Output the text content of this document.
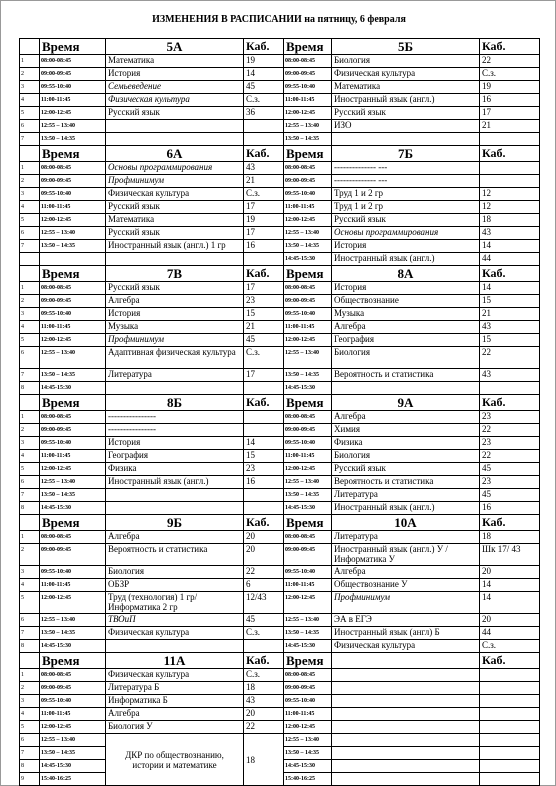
ИЗМЕНЕНИЯ В РАСПИСАНИИ на пятницу, 6 февраля
	Время	5А	Каб.	Время	5Б	Каб.
1	08:00-08:45	Математика	19	08:00-08:45	Биология	22
2	09:00-09:45	История	14	09:00-09:45	Физическая культура	С.з.
3	09:55-10:40	Семьеведение	45	09:55-10:40	Математика	19
4	11:00-11:45	Физическая культура	С.з.	11:00-11:45	Иностранный язык (англ.)	16
5	12:00-12:45	Русский язык	36	12:00-12:45	Русский язык	17
6	12:55 – 13:40			12:55 – 13:40	ИЗО	21
7	13:50 – 14:35			13:50 – 14:35		
	Время	6А	Каб.	Время	7Б	Каб.
1	08:00-08:45	Основы программирования	43	08:00-08:45	-------------- ---	
2	09:00-09:45	Профминимум	21	09:00-09:45	-------------- ---	
3	09:55-10:40	Физическая культура	С.з.	09:55-10:40	Труд 1 и 2 гр	12
4	11:00-11:45	Русский язык	17	11:00-11:45	Труд 1 и 2 гр	12
5	12:00-12:45	Математика	19	12:00-12:45	Русский язык	18
6	12:55 – 13:40	Русский язык	17	12:55 – 13:40	Основы программирования	43
7	13:50 – 14:35	Иностранный язык (англ.) 1 гр	16	13:50 – 14:35	История	14
				14:45-15:30	Иностранный язык (англ.)	44
	Время	7В	Каб.	Время	8А	Каб.
1	08:00-08:45	Русский язык	17	08:00-08:45	История	14
2	09:00-09:45	Алгебра	23	09:00-09:45	Обществознание	15
3	09:55-10:40	История	15	09:55-10:40	Музыка	21
4	11:00-11:45	Музыка	21	11:00-11:45	Алгебра	43
5	12:00-12:45	Профминимум	45	12:00-12:45	География	15
6	12:55 – 13:40	Адаптивная физическая культура	С.з.	12:55 – 13:40	Биология	22
7	13:50 – 14:35	Литература	17	13:50 – 14:35	Вероятность и статистика	43
8	14:45-15:30			14:45-15:30		
	Время	8Б	Каб.	Время	9А	Каб.
1	08:00-08:45	----------------		08:00-08:45	Алгебра	23
2	09:00-09:45	----------------		09:00-09:45	Химия	22
3	09:55-10:40	История	14	09:55-10:40	Физика	23
4	11:00-11:45	География	15	11:00-11:45	Биология	22
5	12:00-12:45	Физика	23	12:00-12:45	Русский язык	45
6	12:55 – 13:40	Иностранный язык (англ.)	16	12:55 – 13:40	Вероятность и статистика	23
7	13:50 – 14:35			13:50 – 14:35	Литература	45
8	14:45-15:30			14:45-15:30	Иностранный язык (англ.)	16
	Время	9Б	Каб.	Время	10А	Каб.
1	08:00-08:45	Алгебра	20	08:00-08:45	Литература	18
2	09:00-09:45	Вероятность и статистика	20	09:00-09:45	Иностранный язык (англ.) У / Информатика У	Шк 17/ 43
3	09:55-10:40	Биология	22	09:55-10:40	Алгебра	20
4	11:00-11:45	ОБЗР	6	11:00-11:45	Обществознание У	14
5	12:00-12:45	Труд (технология) 1 гр/ Информатика 2 гр	12/43	12:00-12:45	Профминимум	14
6	12:55 – 13:40	ТВОиП	45	12:55 – 13:40	ЭА в ЕГЭ	20
7	13:50 – 14:35	Физическая культура	С.з.	13:50 – 14:35	Иностранный язык (англ) Б	44
8	14:45-15:30			14:45-15:30	Физическая культура	С.з.
	Время	11А	Каб.	Время		Каб.
1	08:00-08:45	Физическая культура	С.з.	08:00-08:45		
2	09:00-09:45	Литература Б	18	09:00-09:45		
3	09:55-10:40	Информатика Б	43	09:55-10:40		
4	11:00-11:45	Алгебра	20	11:00-11:45		
5	12:00-12:45	Биология У	22	12:00-12:45		
6	12:55 – 13:40	ДКР по обществознанию, истории и математике	18	12:55 – 13:40		
7	13:50 – 14:35			13:50 – 14:35		
8	14:45-15:30			14:45-15:30		
9	15:40-16:25			15:40-16:25		
